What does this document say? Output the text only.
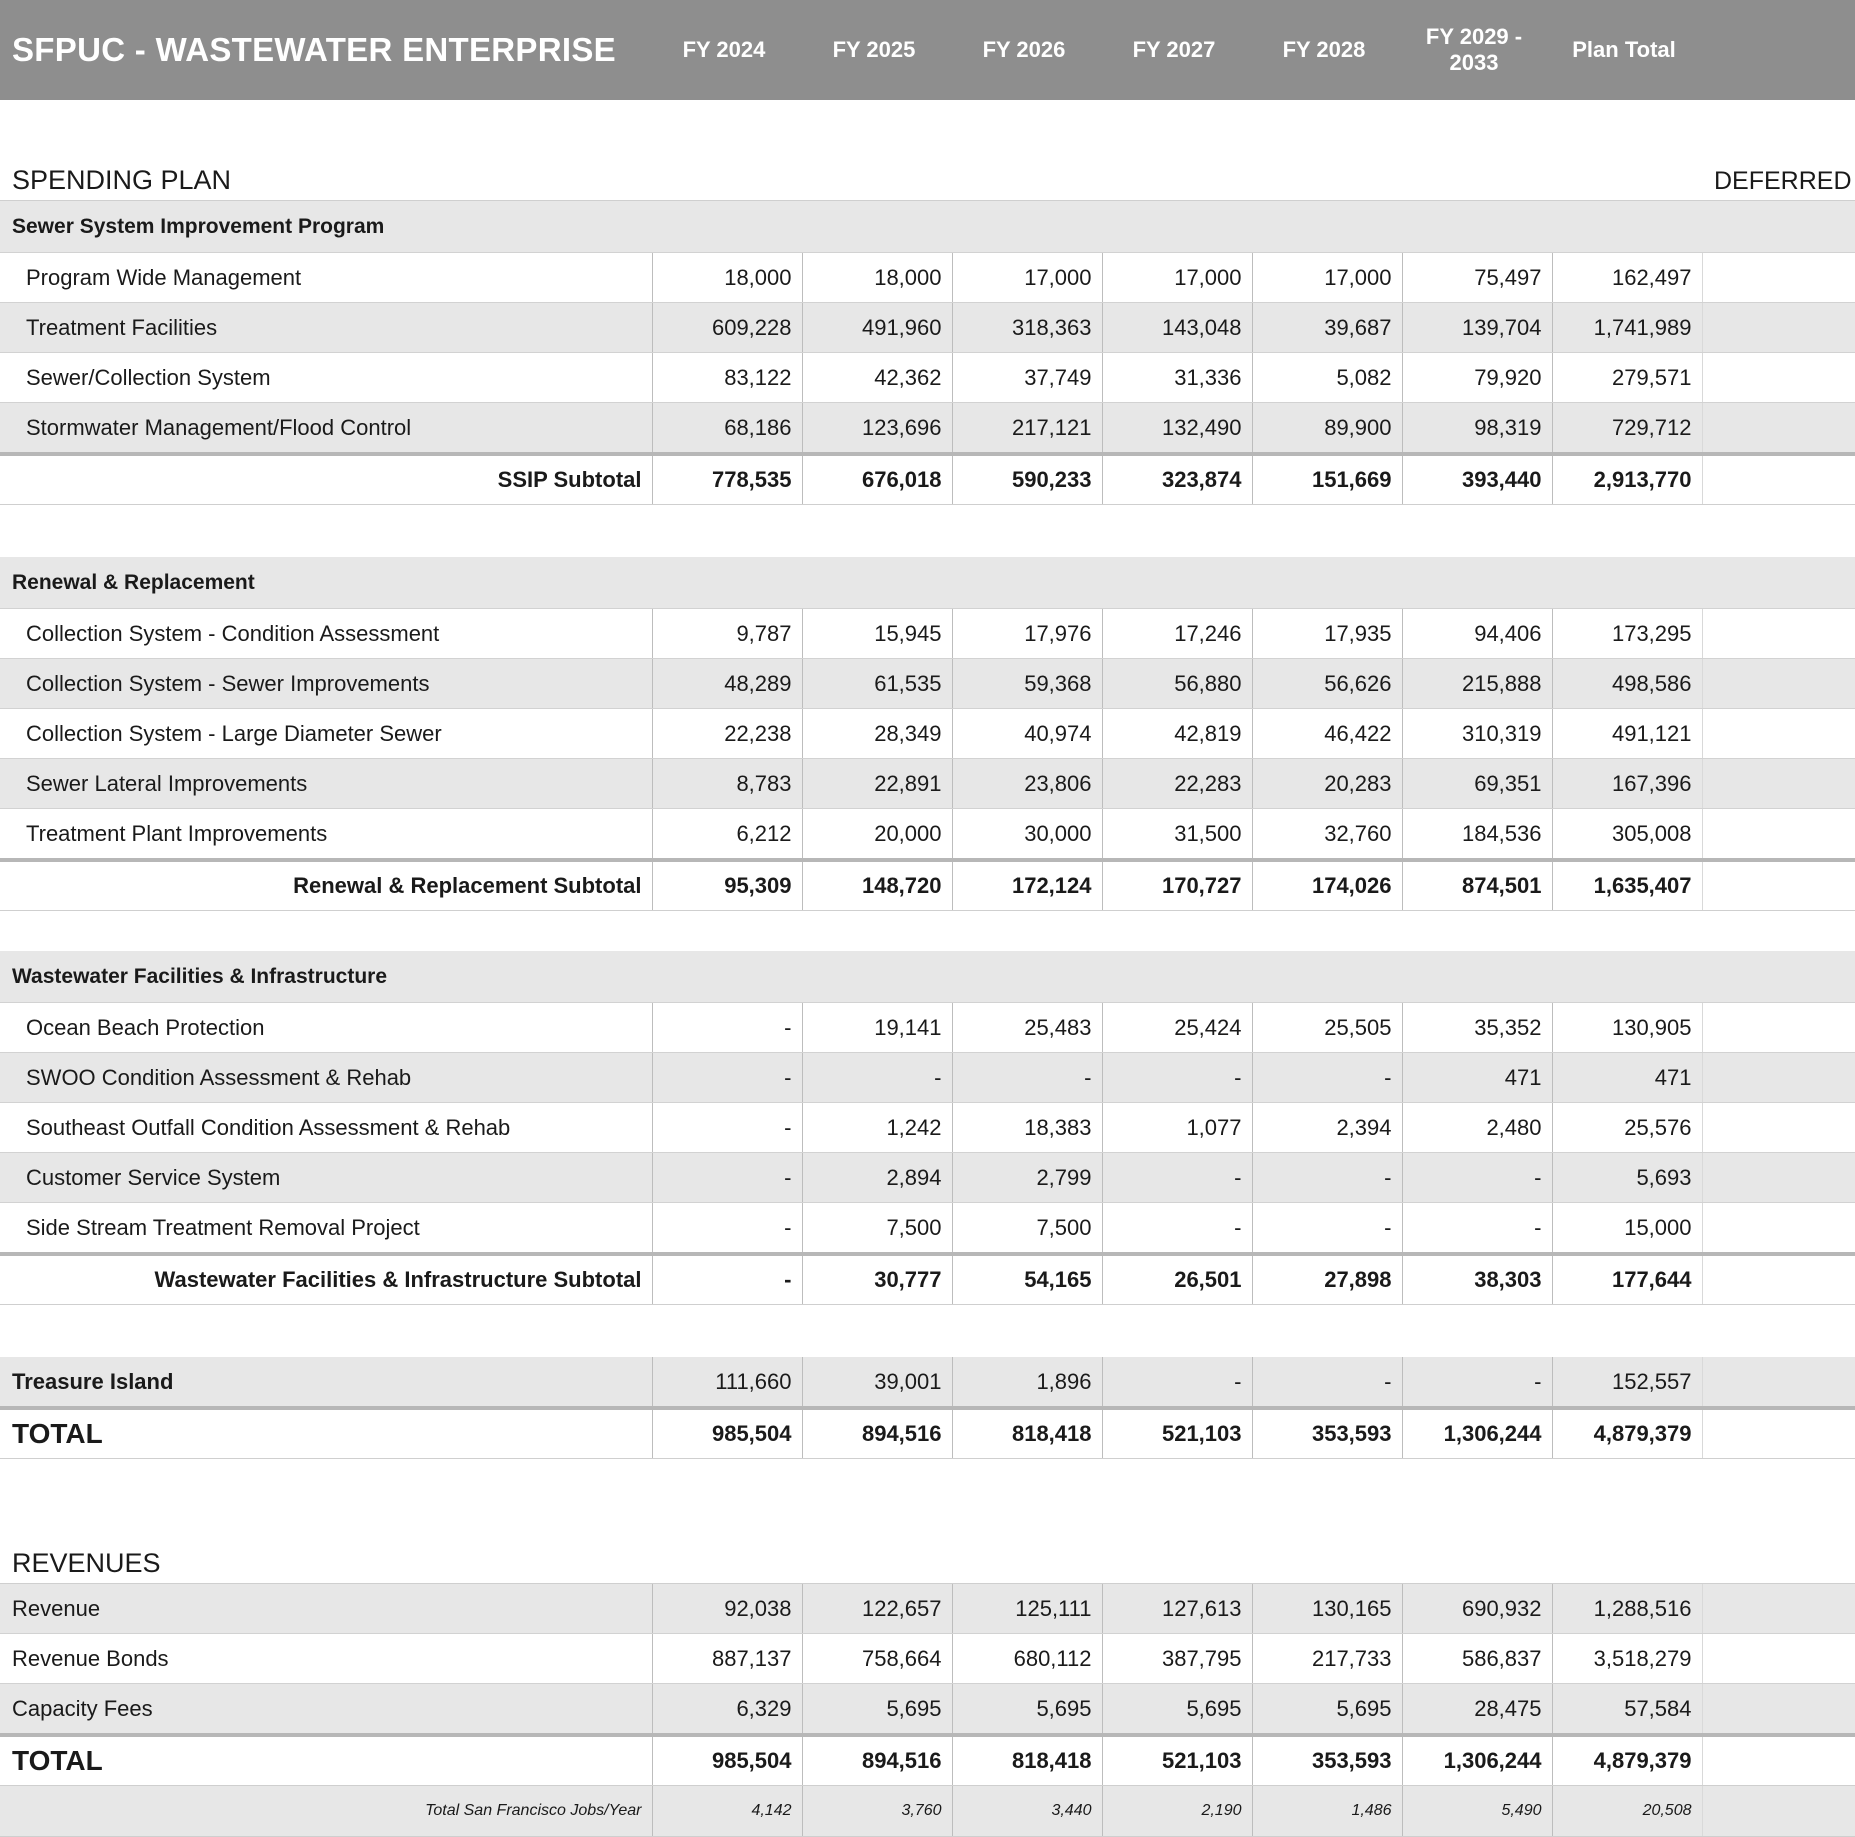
SFPUC - WASTEWATER ENTERPRISE	FY 2024	FY 2025	FY 2026	FY 2027	FY 2028	FY 2029 - 2033	Plan Total	

SPENDING PLAN								DEFERRED
Sewer System Improvement Program								
Program Wide Management	18,000	18,000	17,000	17,000	17,000	75,497	162,497	
Treatment Facilities	609,228	491,960	318,363	143,048	39,687	139,704	1,741,989	
Sewer/Collection System	83,122	42,362	37,749	31,336	5,082	79,920	279,571	
Stormwater Management/Flood Control	68,186	123,696	217,121	132,490	89,900	98,319	729,712	
SSIP Subtotal	778,535	676,018	590,233	323,874	151,669	393,440	2,913,770	

Renewal & Replacement								
Collection System - Condition Assessment	9,787	15,945	17,976	17,246	17,935	94,406	173,295	
Collection System - Sewer Improvements	48,289	61,535	59,368	56,880	56,626	215,888	498,586	
Collection System - Large Diameter Sewer	22,238	28,349	40,974	42,819	46,422	310,319	491,121	
Sewer Lateral Improvements	8,783	22,891	23,806	22,283	20,283	69,351	167,396	
Treatment Plant Improvements	6,212	20,000	30,000	31,500	32,760	184,536	305,008	
Renewal & Replacement Subtotal	95,309	148,720	172,124	170,727	174,026	874,501	1,635,407	

Wastewater Facilities & Infrastructure								
Ocean Beach Protection	-	19,141	25,483	25,424	25,505	35,352	130,905	
SWOO Condition Assessment & Rehab	-	-	-	-	-	471	471	
Southeast Outfall Condition Assessment & Rehab	-	1,242	18,383	1,077	2,394	2,480	25,576	
Customer Service System	-	2,894	2,799	-	-	-	5,693	
Side Stream Treatment Removal Project	-	7,500	7,500	-	-	-	15,000	
Wastewater Facilities & Infrastructure Subtotal	-	30,777	54,165	26,501	27,898	38,303	177,644	

Treasure Island	111,660	39,001	1,896	-	-	-	152,557	
TOTAL	985,504	894,516	818,418	521,103	353,593	1,306,244	4,879,379	

REVENUES								
Revenue	92,038	122,657	125,111	127,613	130,165	690,932	1,288,516	
Revenue Bonds	887,137	758,664	680,112	387,795	217,733	586,837	3,518,279	
Capacity Fees	6,329	5,695	5,695	5,695	5,695	28,475	57,584	
TOTAL	985,504	894,516	818,418	521,103	353,593	1,306,244	4,879,379	
Total San Francisco Jobs/Year	4,142	3,760	3,440	2,190	1,486	5,490	20,508	
